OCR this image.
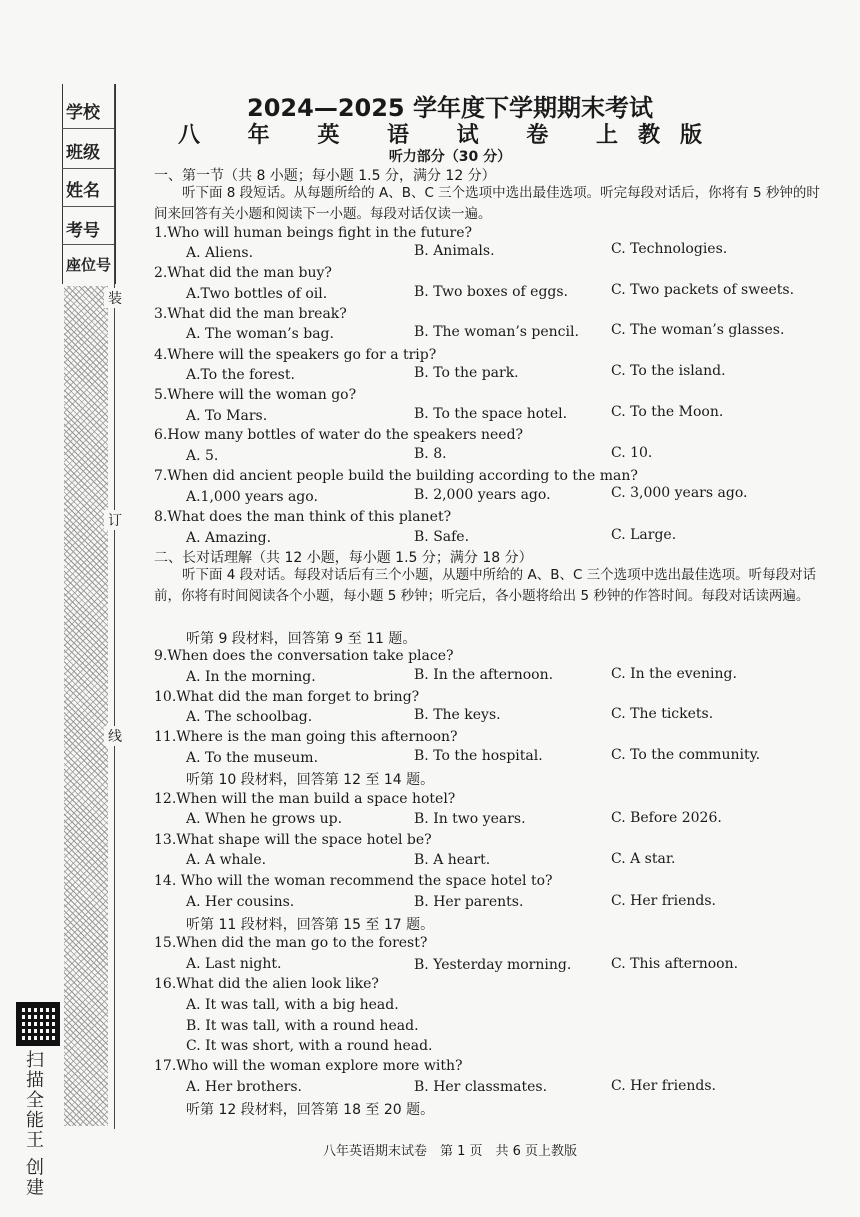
学校
班级
姓名
考号
座位号
装
订
线
扫描全能王 创建
2024—2025 学年度下学期期末考试
八 年 英 语 试 卷 上教版
听力部分（30 分）
一、第一节（共 8 小题；每小题 1.5 分，满分 12 分）
听下面 8 段短话。从每题所给的 A、B、C 三个选项中选出最佳选项。听完每段对话后，你将有 5 秒钟的时间来回答有关小题和阅读下一小题。每段对话仅读一遍。
1.Who will human beings fight in the future?
A. Aliens.	B. Animals.	C. Technologies.
2.What did the man buy?
A.Two bottles of oil.	B. Two boxes of eggs.	C. Two packets of sweets.
3.What did the man break?
A. The woman’s bag.	B. The woman’s pencil. C. The woman’s glasses.
4.Where will the speakers go for a trip?
A.To the forest.	B. To the park.	C. To the island.
5.Where will the woman go?
A. To Mars.	B. To the space hotel.	C. To the Moon.
6.How many bottles of water do the speakers need?
A. 5.	B. 8.	C. 10.
7.When did ancient people build the building according to the man?
A.1,000 years ago.	B. 2,000 years ago.	C. 3,000 years ago.
8.What does the man think of this planet?
A. Amazing.	B. Safe.	C. Large.
二、长对话理解（共 12 小题，每小题 1.5 分；满分 18 分）
听下面 4 段对话。每段对话后有三个小题，从题中所给的 A、B、C 三个选项中选出最佳选项。听每段对话前，你将有时间阅读各个小题，每小题 5 秒钟；听完后，各小题将给出 5 秒钟的作答时间。每段对话读两遍。
听第 9 段材料，回答第 9 至 11 题。
9.When does the conversation take place?
A. In the morning.	B. In the afternoon.	C. In the evening.
10.What did the man forget to bring?
A. The schoolbag.	B. The keys.	C. The tickets.
11.Where is the man going this afternoon?
A. To the museum.	B. To the hospital.	C. To the community.
听第 10 段材料，回答第 12 至 14 题。
12.When will the man build a space hotel?
A. When he grows up.	B. In two years.	C. Before 2026.
13.What shape will the space hotel be?
A. A whale.	B. A heart.	C. A star.
14. Who will the woman recommend the space hotel to?
A. Her cousins.	B. Her parents.	C. Her friends.
听第 11 段材料，回答第 15 至 17 题。
15.When did the man go to the forest?
A. Last night.	B. Yesterday morning.	C. This afternoon.
16.What did the alien look like?
A. It was tall, with a big head.
B. It was tall, with a round head.
C. It was short, with a round head.
17.Who will the woman explore more with?
A. Her brothers.	B. Her classmates.	C. Her friends.
听第 12 段材料，回答第 18 至 20 题。
八年英语期末试卷　第 1 页　共 6 页上教版
